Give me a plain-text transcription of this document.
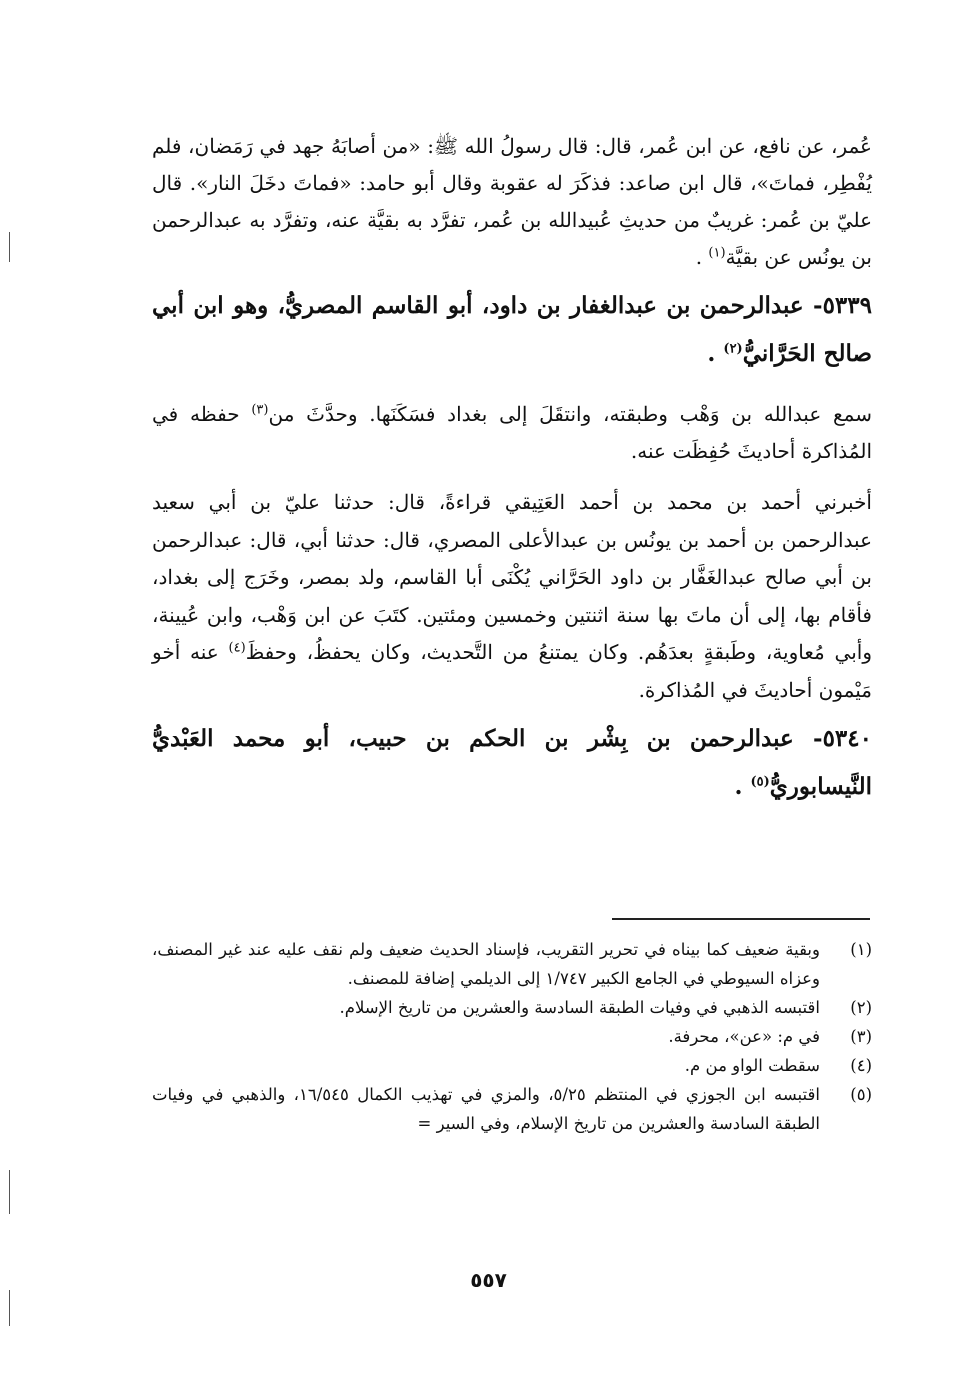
عُمر، عن نافع، عن ابن عُمر، قال: قال رسولُ الله ﷺ: «من أصابَهُ جهد في رَمَضان، فلم يُفْطِر، فماتَ»، قال ابن صاعد: فذكَرَ له عقوبة وقال أبو حامد: «فماتَ دخَلَ النار». قال عليّ بن عُمر: غريبٌ من حديثِ عُبيدالله بن عُمر، تفرَّد به بقيَّة عنه، وتفرَّد به عبدالرحمن بن يونُس عن بقيَّة$^{(١)}$ .

٥٣٣٩- عبدالرحمن بن عبدالغفار بن داود، أبو القاسم المصريُّ، وهو ابن أبي صالح الحَرَّانيُّ$^{(٢)}$ .

سمع عبدالله بن وَهْب وطبقته، وانتقَلَ إلى بغداد فسَكَنَها. وحدَّثَ من$^{(٣)}$ حفظه في المُذاكرة أحاديثَ حُفِظَت عنه.

أخبرني أحمد بن محمد بن أحمد العَتِيقي قراءةً، قال: حدثنا عليّ بن أبي سعيد عبدالرحمن بن أحمد بن يونُس بن عبدالأعلى المصري، قال: حدثنا أبي، قال: عبدالرحمن بن أبي صالح عبدالغَفَّار بن داود الحَرَّاني يُكْنَى أبا القاسم، ولد بمصر، وخَرَج إلى بغداد، فأقام بها، إلى أن ماتَ بها سنة اثنتين وخمسين ومئتين. كتَبَ عن ابن وَهْب، وابن عُيينة، وأبي مُعاوية، وطَبقةٍ بعدَهُم. وكان يمتنعُ من التَّحديث، وكان يحفظُ، وحفظَ$^{(٤)}$ عنه أخو مَيْمون أحاديثَ في المُذاكرة.

٥٣٤٠- عبدالرحمن بن بِشْر بن الحكم بن حبيب، أبو محمد العَبْديُّ النَّيسابوريُّ$^{(٥)}$ .

(١)
وبقية ضعيف كما بيناه في تحرير التقريب، فإسناد الحديث ضعيف ولم نقف عليه عند غير المصنف، وعزاه السيوطي في الجامع الكبير ١/٧٤٧ إلى الديلمي إضافة للمصنف.
(٢)
اقتبسه الذهبي في وفيات الطبقة السادسة والعشرين من تاريخ الإسلام.
(٣)
في م: «عن»، محرفة.
(٤)
سقطت الواو من م.
(٥)
اقتبسه ابن الجوزي في المنتظم ٥/٢٥، والمزي في تهذيب الكمال ١٦/٥٤٥، والذهبي في وفيات الطبقة السادسة والعشرين من تاريخ الإسلام، وفي السير =
٥٥٧
